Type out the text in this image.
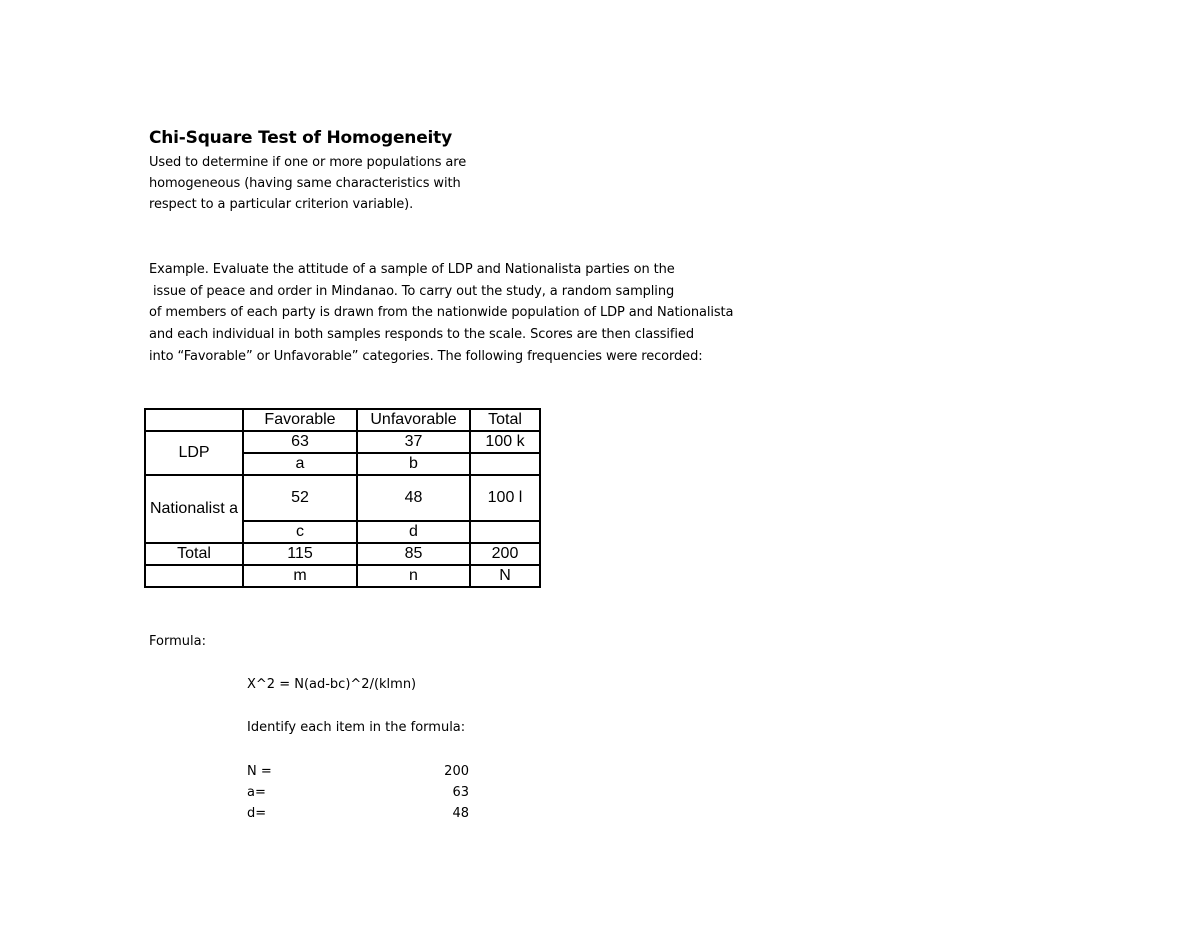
Chi-Square Test of Homogeneity
Used to determine if one or more populations are
homogeneous (having same characteristics with
respect to a particular criterion variable).
Example. Evaluate the attitude of a sample of LDP and Nationalista parties on the
issue of peace and order in Mindanao. To carry out the study, a random sampling
of members of each party is drawn from the nationwide population of LDP and Nationalista
and each individual in both samples responds to the scale. Scores are then classified
into “Favorable” or Unfavorable” categories. The following frequencies were recorded:
	Favorable	Unfavorable	Total
LDP	63	37	100 k
	a	b	
Nationalist a	52	48	100 l
	c	d	
Total	115	85	200
	m	n	N
Formula:
X^2 = N(ad-bc)^2/(klmn)
Identify each item in the formula:
N =	200
a=	63
d=	48
